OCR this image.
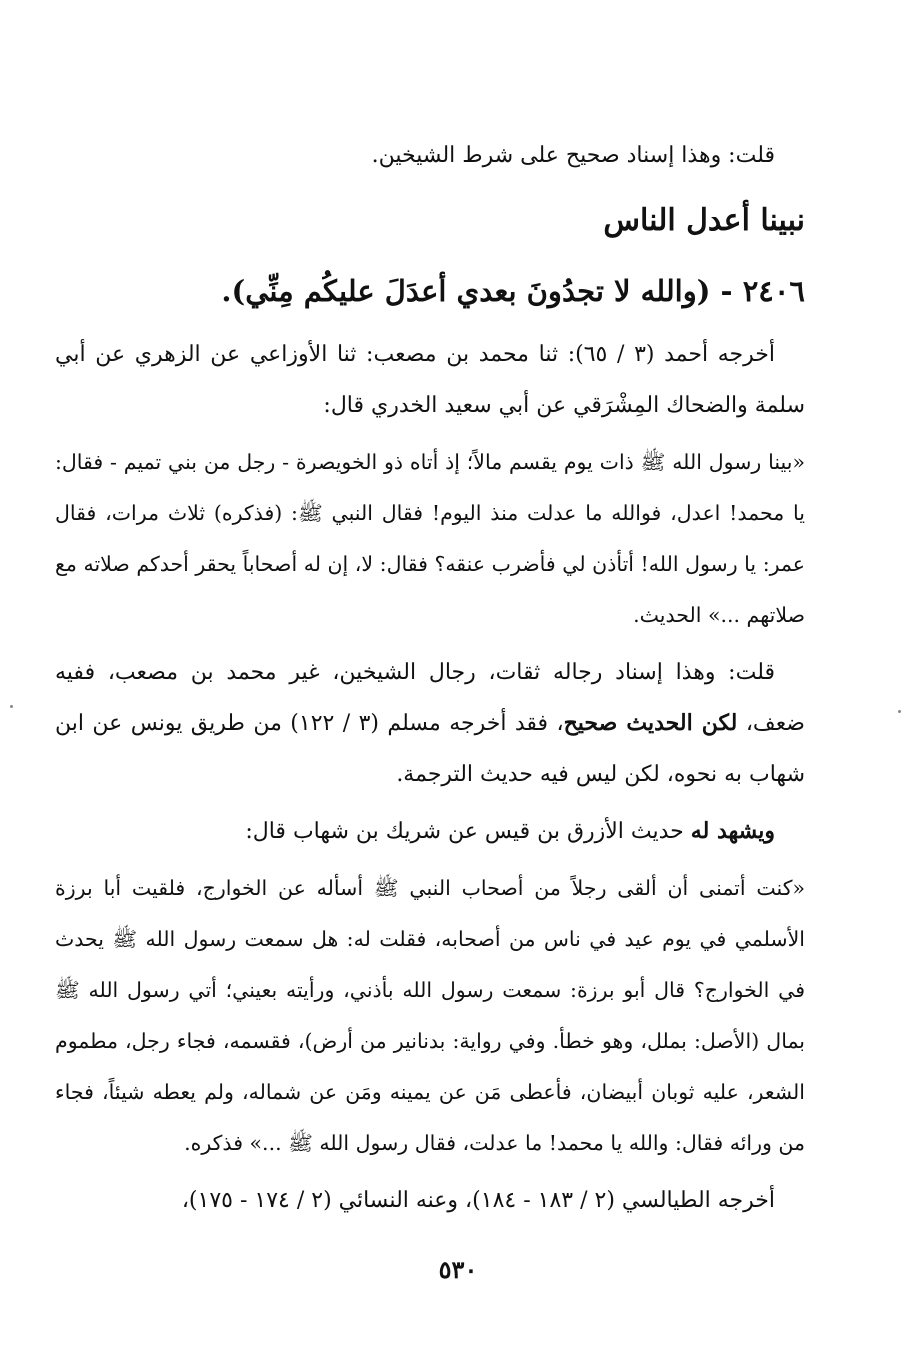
قلت: وهذا إسناد صحيح على شرط الشيخين.

نبينا أعدل الناس

٢٤٠٦ - (والله لا تجدُونَ بعدي أعدَلَ عليكُم مِنِّي).

أخرجه أحمد (٣ / ٦٥): ثنا محمد بن مصعب: ثنا الأوزاعي عن الزهري عن أبي سلمة والضحاك المِشْرَقي عن أبي سعيد الخدري قال:

«بينا رسول الله ﷺ ذات يوم يقسم مالاً؛ إذ أتاه ذو الخويصرة - رجل من بني تميم - فقال: يا محمد! اعدل، فوالله ما عدلت منذ اليوم! فقال النبي ﷺ: (فذكره) ثلاث مرات، فقال عمر: يا رسول الله! أتأذن لي فأضرب عنقه؟ فقال: لا، إن له أصحاباً يحقر أحدكم صلاته مع صلاتهم ...» الحديث.

قلت: وهذا إسناد رجاله ثقات، رجال الشيخين، غير محمد بن مصعب، ففيه ضعف، لكن الحديث صحيح، فقد أخرجه مسلم (٣ / ١٢٢) من طريق يونس عن ابن شهاب به نحوه، لكن ليس فيه حديث الترجمة.

ويشهد له حديث الأزرق بن قيس عن شريك بن شهاب قال:

«كنت أتمنى أن ألقى رجلاً من أصحاب النبي ﷺ أسأله عن الخوارج، فلقيت أبا برزة الأسلمي في يوم عيد في ناس من أصحابه، فقلت له: هل سمعت رسول الله ﷺ يحدث في الخوارج؟ قال أبو برزة: سمعت رسول الله بأذني، ورأيته بعيني؛ أتي رسول الله ﷺ بمال (الأصل: بملل، وهو خطأ. وفي رواية: بدنانير من أرض)، فقسمه، فجاء رجل، مطموم الشعر، عليه ثوبان أبيضان، فأعطى مَن عن يمينه ومَن عن شماله، ولم يعطه شيئاً، فجاء من ورائه فقال: والله يا محمد! ما عدلت، فقال رسول الله ﷺ ...» فذكره.

أخرجه الطيالسي (٢ / ١٨٣ - ١٨٤)، وعنه النسائي (٢ / ١٧٤ - ١٧٥)،

٥٣٠
